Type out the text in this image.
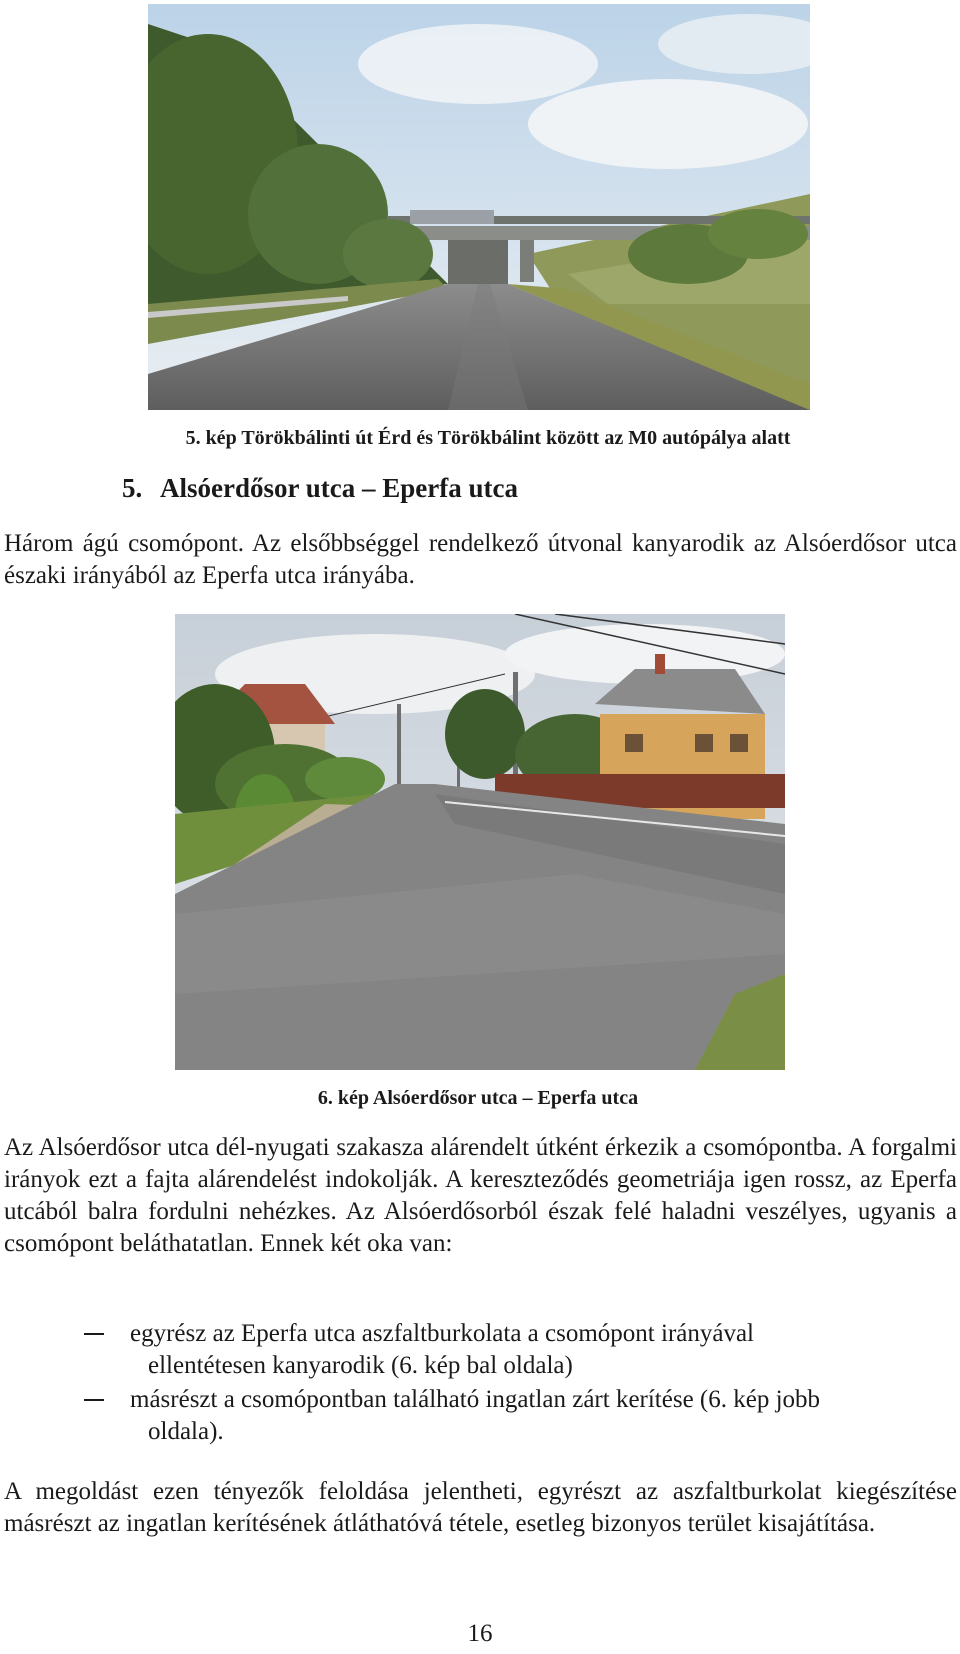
5. kép Törökbálinti út Érd és Törökbálint között az M0 autópálya alatt
5. Alsóerdősor utca – Eperfa utca
Három ágú csomópont. Az elsőbbséggel rendelkező útvonal kanyarodik az Alsóerdősor utca északi irányából az Eperfa utca irányába.
6. kép Alsóerdősor utca – Eperfa utca
Az Alsóerdősor utca dél-nyugati szakasza alárendelt útként érkezik a csomópontba. A forgalmi irányok ezt a fajta alárendelést indokolják. A kereszteződés geometriája igen rossz, az Eperfa utcából balra fordulni nehézkes. Az Alsóerdősorból észak felé haladni veszélyes, ugyanis a csomópont beláthatatlan. Ennek két oka van:
egyrész az Eperfa utca aszfaltburkolata a csomópont irányával
ellentétesen kanyarodik (6. kép bal oldala)
másrészt a csomópontban található ingatlan zárt kerítése (6. kép jobb
oldala).
A megoldást ezen tényezők feloldása jelentheti, egyrészt az aszfaltburkolat kiegészítése másrészt az ingatlan kerítésének átláthatóvá tétele, esetleg bizonyos terület kisajátítása.
16
